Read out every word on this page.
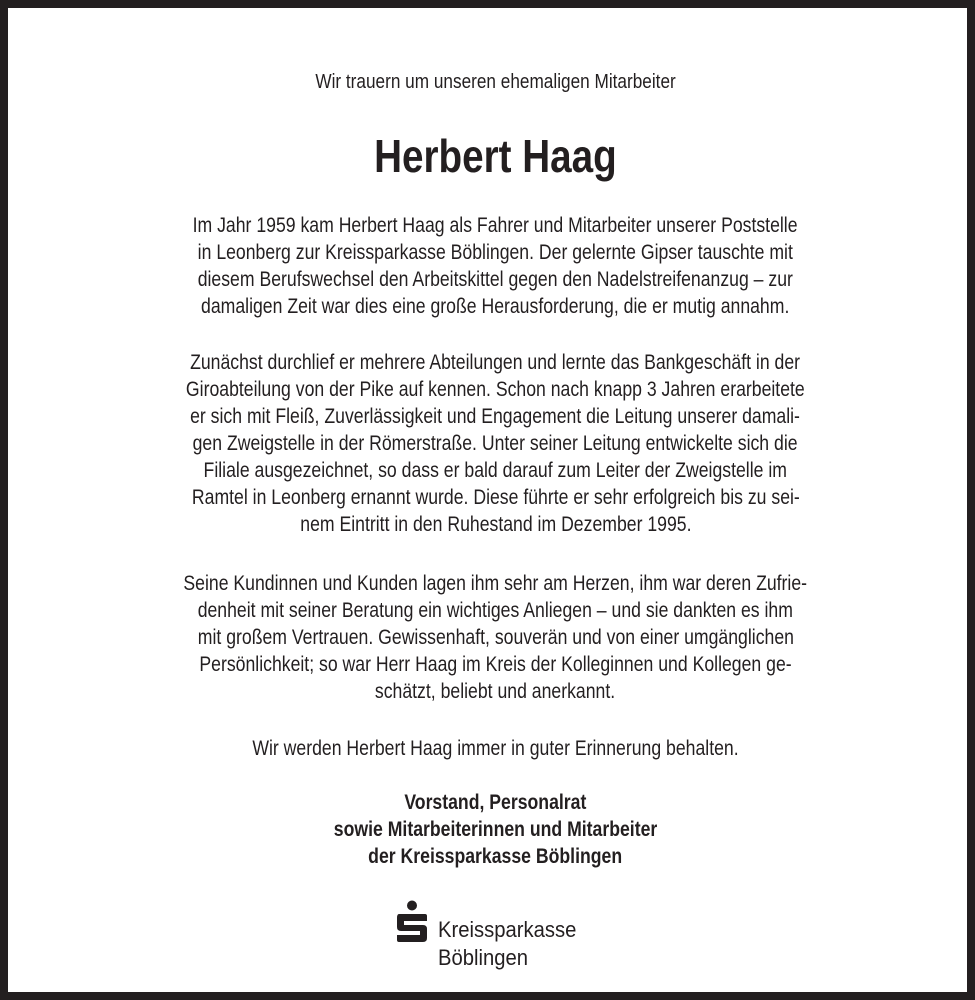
Wir trauern um unseren ehemaligen Mitarbeiter
Herbert Haag
Im Jahr 1959 kam Herbert Haag als Fahrer und Mitarbeiter unserer Poststelle
in Leonberg zur Kreissparkasse Böblingen. Der gelernte Gipser tauschte mit
diesem Berufswechsel den Arbeitskittel gegen den Nadelstreifenanzug – zur
damaligen Zeit war dies eine große Herausforderung, die er mutig annahm.
Zunächst durchlief er mehrere Abteilungen und lernte das Bankgeschäft in der
Giroabteilung von der Pike auf kennen. Schon nach knapp 3 Jahren erarbeitete
er sich mit Fleiß, Zuverlässigkeit und Engagement die Leitung unserer damali-
gen Zweigstelle in der Römerstraße. Unter seiner Leitung entwickelte sich die
Filiale ausgezeichnet, so dass er bald darauf zum Leiter der Zweigstelle im
Ramtel in Leonberg ernannt wurde. Diese führte er sehr erfolgreich bis zu sei-
nem Eintritt in den Ruhestand im Dezember 1995.
Seine Kundinnen und Kunden lagen ihm sehr am Herzen, ihm war deren Zufrie-
denheit mit seiner Beratung ein wichtiges Anliegen – und sie dankten es ihm
mit großem Vertrauen. Gewissenhaft, souverän und von einer umgänglichen
Persönlichkeit; so war Herr Haag im Kreis der Kolleginnen und Kollegen ge-
schätzt, beliebt und anerkannt.
Wir werden Herbert Haag immer in guter Erinnerung behalten.
Vorstand, Personalrat
sowie Mitarbeiterinnen und Mitarbeiter
der Kreissparkasse Böblingen
Kreissparkasse
Böblingen
